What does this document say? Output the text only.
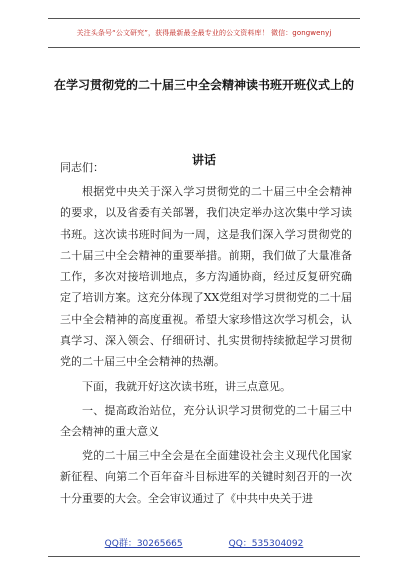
关注头条号“公文研究”，获得最新最全最专业的公文资料库！ 微信：gongwenyj
在学习贯彻党的二十届三中全会精神读书班开班仪式上的
讲话
同志们：
根据党中央关于深入学习贯彻党的二十届三中全会精神的要求，以及省委有关部署，我们决定举办这次集中学习读书班。这次读书班时间为一周，这是我们深入学习贯彻党的二十届三中全会精神的重要举措。前期，我们做了大量准备工作，多次对接培训地点，多方沟通协商，经过反复研究确定了培训方案。这充分体现了XX党组对学习贯彻党的二十届三中全会精神的高度重视。希望大家珍惜这次学习机会，认真学习、深入领会、仔细研讨、扎实贯彻持续掀起学习贯彻党的二十届三中全会精神的热潮。
下面，我就开好这次读书班，讲三点意见。
一、提高政治站位，充分认识学习贯彻党的二十届三中全会精神的重大意义
党的二十届三中全会是在全面建设社会主义现代化国家新征程、向第二个百年奋斗目标进军的关键时刻召开的一次十分重要的大会。全会审议通过了《中共中央关于进
QQ群：30265665	QQ：535304092
